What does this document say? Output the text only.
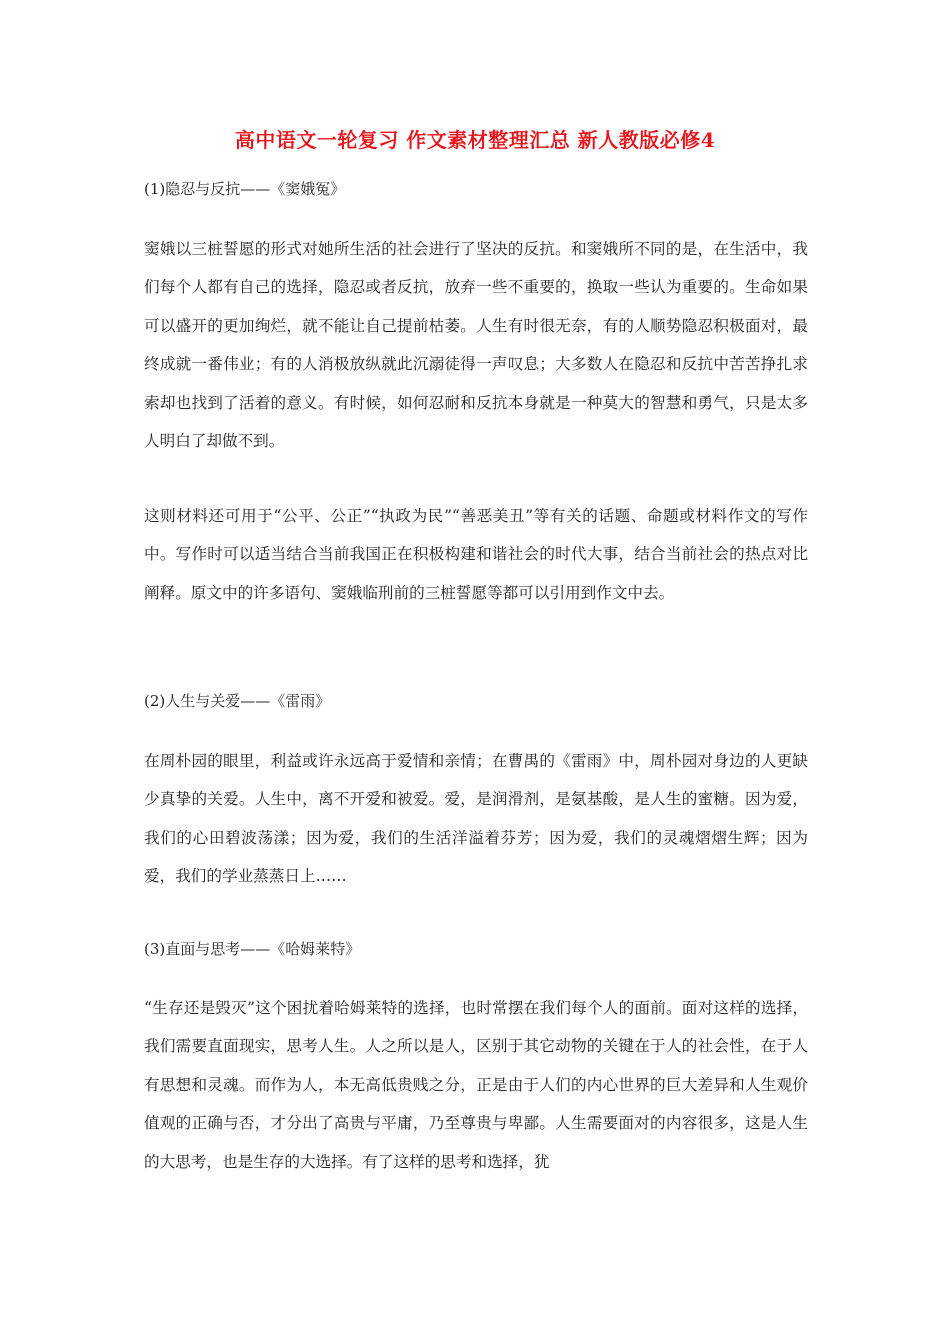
高中语文一轮复习 作文素材整理汇总 新人教版必修4
(1)隐忍与反抗——《窦娥冤》
窦娥以三桩誓愿的形式对她所生活的社会进行了坚决的反抗。和窦娥所不同的是，在生活中，我们每个人都有自己的选择，隐忍或者反抗，放弃一些不重要的，换取一些认为重要的。生命如果可以盛开的更加绚烂，就不能让自己提前枯萎。人生有时很无奈，有的人顺势隐忍积极面对，最终成就一番伟业；有的人消极放纵就此沉溺徒得一声叹息；大多数人在隐忍和反抗中苦苦挣扎求索却也找到了活着的意义。有时候，如何忍耐和反抗本身就是一种莫大的智慧和勇气，只是太多人明白了却做不到。
这则材料还可用于“公平、公正”“执政为民”“善恶美丑”等有关的话题、命题或材料作文的写作中。写作时可以适当结合当前我国正在积极构建和谐社会的时代大事，结合当前社会的热点对比阐释。原文中的许多语句、窦娥临刑前的三桩誓愿等都可以引用到作文中去。
(2)人生与关爱——《雷雨》
在周朴园的眼里，利益或许永远高于爱情和亲情；在曹禺的《雷雨》中，周朴园对身边的人更缺少真挚的关爱。人生中，离不开爱和被爱。爱，是润滑剂，是氨基酸，是人生的蜜糖。因为爱，我们的心田碧波荡漾；因为爱，我们的生活洋溢着芬芳；因为爱，我们的灵魂熠熠生辉；因为爱，我们的学业蒸蒸日上……
(3)直面与思考——《哈姆莱特》
“生存还是毁灭”这个困扰着哈姆莱特的选择，也时常摆在我们每个人的面前。面对这样的选择，我们需要直面现实，思考人生。人之所以是人，区别于其它动物的关键在于人的社会性，在于人有思想和灵魂。而作为人，本无高低贵贱之分，正是由于人们的内心世界的巨大差异和人生观价值观的正确与否，才分出了高贵与平庸，乃至尊贵与卑鄙。人生需要面对的内容很多，这是人生的大思考，也是生存的大选择。有了这样的思考和选择，犹
